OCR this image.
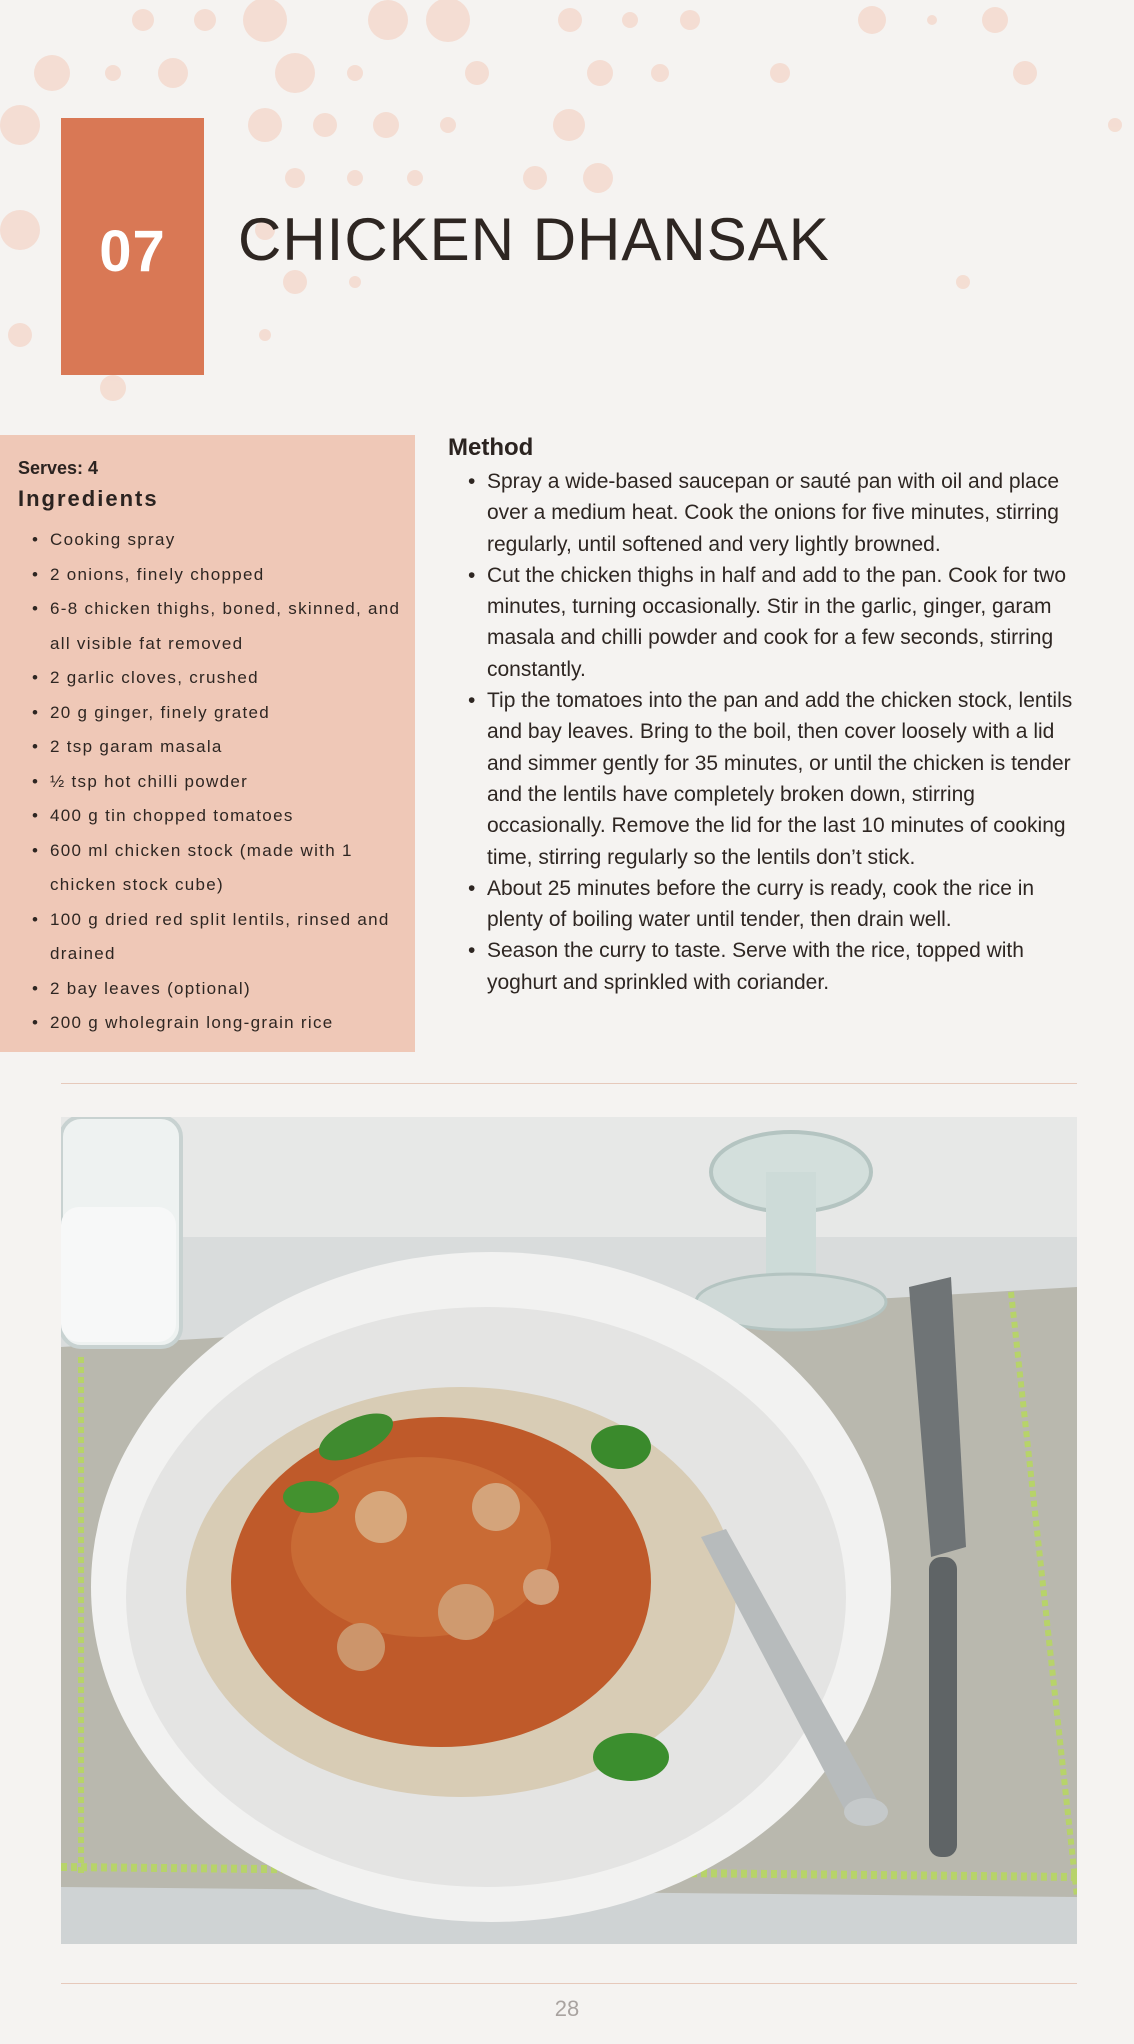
07	CHICKEN DHANSAK
Serves: 4
Ingredients
• Cooking spray
• 2 onions, finely chopped
• 6-8 chicken thighs, boned, skinned, and all visible fat removed
• 2 garlic cloves, crushed
• 20 g ginger, finely grated
• 2 tsp garam masala
• ½ tsp hot chilli powder
• 400 g tin chopped tomatoes
• 600 ml chicken stock (made with 1 chicken stock cube)
• 100 g dried red split lentils, rinsed and drained
• 2 bay leaves (optional)
• 200 g wholegrain long-grain rice
Method
• Spray a wide-based saucepan or sauté pan with oil and place over a medium heat. Cook the onions for five minutes, stirring regularly, until softened and very lightly browned.
• Cut the chicken thighs in half and add to the pan. Cook for two minutes, turning occasionally. Stir in the garlic, ginger, garam masala and chilli powder and cook for a few seconds, stirring constantly.
• Tip the tomatoes into the pan and add the chicken stock, lentils and bay leaves. Bring to the boil, then cover loosely with a lid and simmer gently for 35 minutes, or until the chicken is tender and the lentils have completely broken down, stirring occasionally. Remove the lid for the last 10 minutes of cooking time, stirring regularly so the lentils don’t stick.
• About 25 minutes before the curry is ready, cook the rice in plenty of boiling water until tender, then drain well.
• Season the curry to taste. Serve with the rice, topped with yoghurt and sprinkled with coriander.
28
